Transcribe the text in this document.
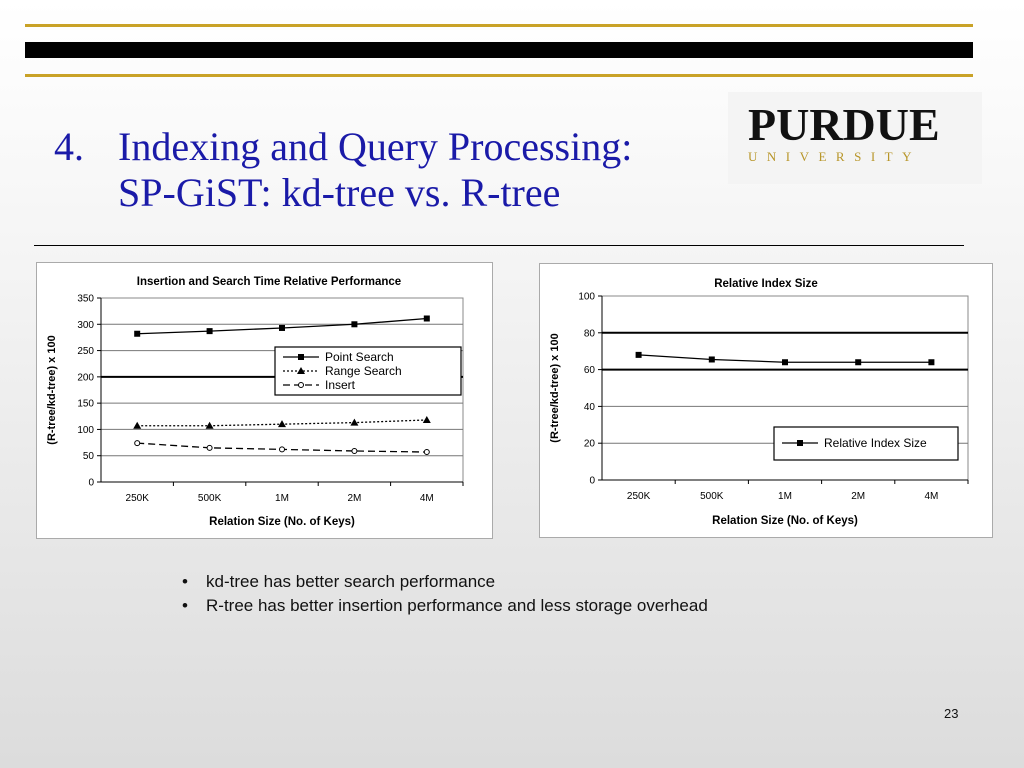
4. Indexing and Query Processing:
SP-GiST: kd-tree vs. R-tree
PURDUE
UNIVERSITY
0
50
100
150
200
250
300
350
250K	500K	1M	2M	4M
Insertion and Search Time Relative Performance
Relation Size (No. of Keys)
(R-tree/kd-tree) x 100	Point Search
Range Search
Insert
0
20
40
60
80
100
250K	500K	1M	2M	4M
Relative Index Size
Relation Size (No. of Keys)
(R-tree/kd-tree) x 100
Relative Index Size
• kd-tree has better search performance
• R-tree has better insertion performance and less storage overhead
23
